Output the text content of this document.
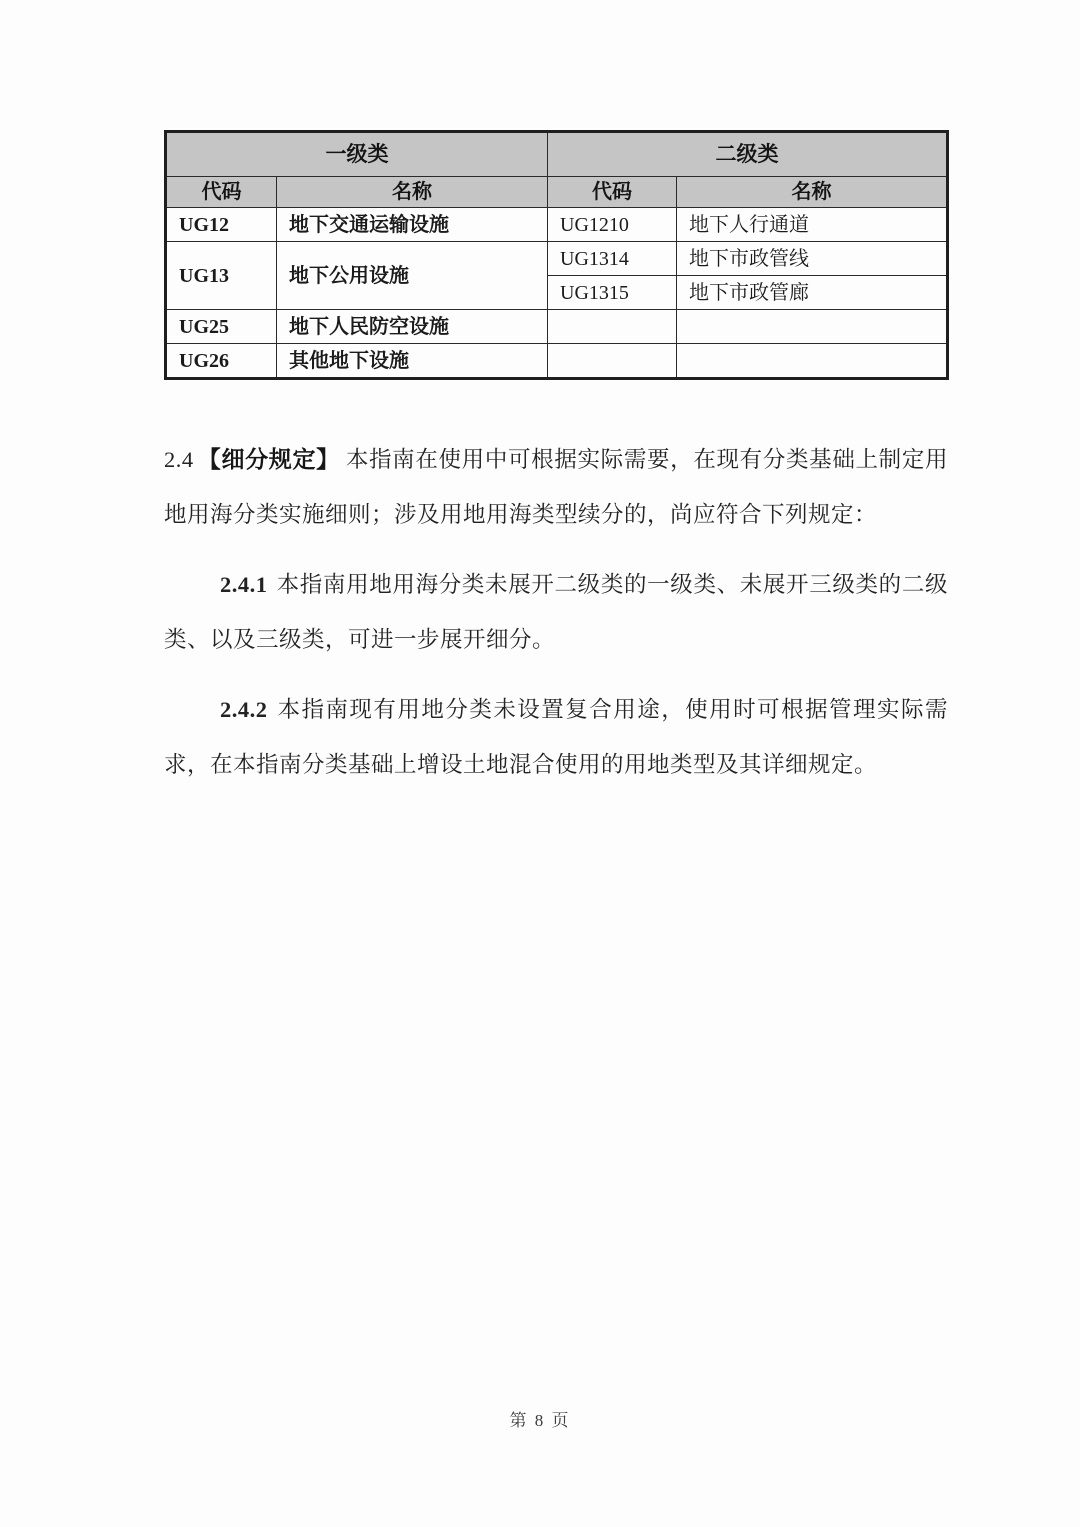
一级类		二级类	
代码	名称	代码	名称
UG12	地下交通运输设施	UG1210	地下人行通道
UG13	地下公用设施	UG1314	地下市政管线
		UG1315	地下市政管廊
UG25	地下人民防空设施		
UG26	其他地下设施		

2.4 【细分规定】 本指南在使用中可根据实际需要，在现有分类基础上制定用地用海分类实施细则；涉及用地用海类型续分的，尚应符合下列规定：

2.4.1 本指南用地用海分类未展开二级类的一级类、未展开三级类的二级类、以及三级类，可进一步展开细分。

2.4.2 本指南现有用地分类未设置复合用途，使用时可根据管理实际需求，在本指南分类基础上增设土地混合使用的用地类型及其详细规定。

第 8 页
